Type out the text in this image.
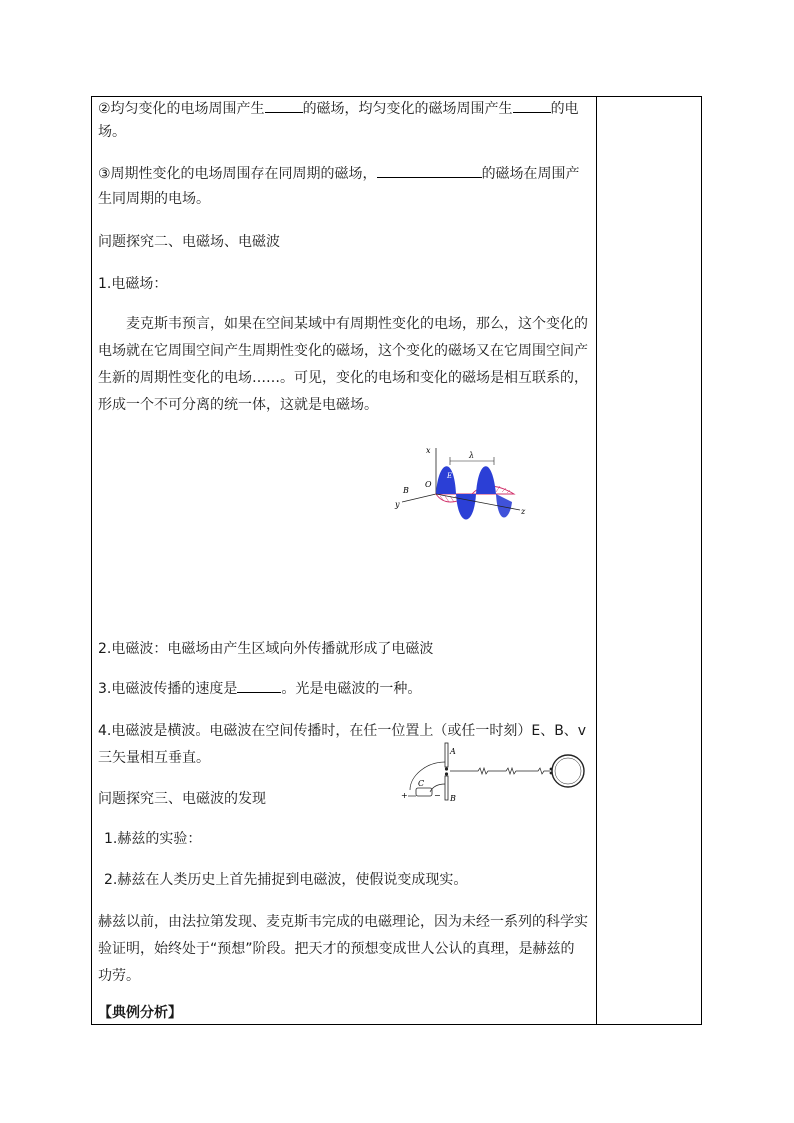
②均匀变化的电场周围产生	的磁场，均匀变化的磁场周围产生	的电
场。
③周期性变化的电场周围存在同周期的磁场，	的磁场在周围产
生同周期的电场。
问题探究二、电磁场、电磁波
1.电磁场：
麦克斯韦预言，如果在空间某域中有周期性变化的电场，那么，这个变化的
电场就在它周围空间产生周期性变化的磁场，这个变化的磁场又在它周围空间产
生新的周期性变化的电场……。可见，变化的电场和变化的磁场是相互联系的，
形成一个不可分离的统一体，这就是电磁场。
x
y
B
E
z
O
λ
2.电磁波：电磁场由产生区域向外传播就形成了电磁波
3.电磁波传播的速度是	。光是电磁波的一种。
4.电磁波是横波。电磁波在空间传播时，在任一位置上（或任一时刻）E、B、v
三矢量相互垂直。
问题探究三、电磁波的发现
A
B
C
+	−
1.赫兹的实验：
2.赫兹在人类历史上首先捕捉到电磁波，使假说变成现实。
赫兹以前，由法拉第发现、麦克斯韦完成的电磁理论，因为未经一系列的科学实
验证明，始终处于“预想”阶段。把天才的预想变成世人公认的真理，是赫兹的
功劳。
【典例分析】
